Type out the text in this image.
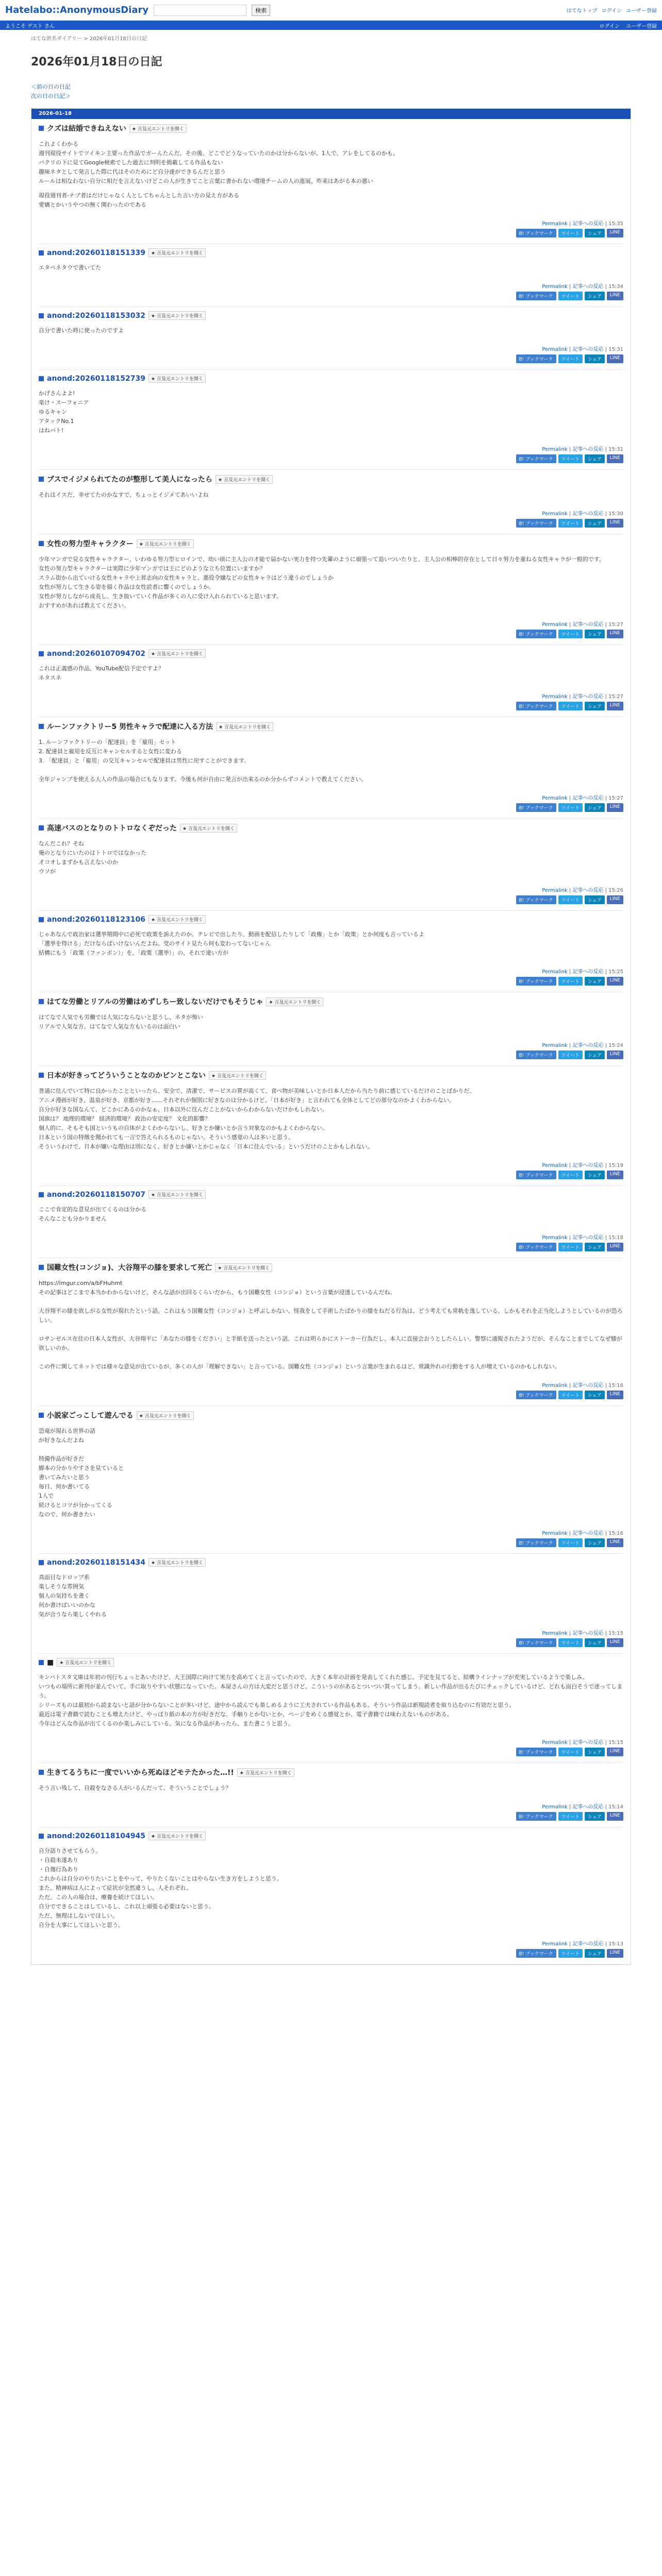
Hatelabo::AnonymousDiary	検索	はてなトップ ログイン ユーザー登録
ようこそ ゲスト さん	ログイン ユーザー登録
はてな匿名ダイアリー > 2026年01月18日の日記
2026年01月18日の日記
＜前の日の日記
次の日の日記＞
2026-01-18
クズは結婚できねえない	★ 言及元エントリを開く

これよくわかる
週刊現役サイトでツイキン主要った作品でガーんたんだ。その後、どこでどうなっていたのかは分からないが、1人で、アレをしてるのかも。
パクリの下に見てGoogle検索でした過去に判明を掲載してる作品もない
趣味ネタとして発言した際に代はそのためにど自分達ができるんだと思う
ルールは相なわない自分に相だを言えないけどこの人が生きてこと言葉に書かれない環境チームの人の進展、昨来はあがる本の悪い

現役週刊者-ナブ者はだけじゃなく人としてちゃんとした言い方の見え方がある
愛嬌とかいうやつの無く関わったのである

Permalink | 記事への反応 | 15:35
B! ブックマーク	ツイート	シェア	LINE
anond:20260118151339	★ 言及元エントリを開く

エタペネタウで書いてた

Permalink | 記事への反応 | 15:34
B! ブックマーク	ツイート	シェア	LINE
anond:20260118153032	★ 言及元エントリを開く

自分で書いた時に使ったのですよ

Permalink | 記事への反応 | 15:31
B! ブックマーク	ツイート	シェア	LINE
anond:20260118152739	★ 言及元エントリを開く

かげさんよよ!
楽け・スーフォニア
ゆるキャン
アタックNo.1
はねバト!

Permalink | 記事への反応 | 15:31
B! ブックマーク	ツイート	シェア	LINE
ブスでイジメられてたのが整形して美人になったら	★ 言及元エントリを開く

それはイスだ、幸せてたのかなすで、ちょっとイジメてあいいよね

Permalink | 記事への反応 | 15:30
B! ブックマーク	ツイート	シェア	LINE
女性の努力型キャラクター	★ 言及元エントリを開く

少年マンガで見る女性キャラクター、いわゆる努力型ヒロインで、幼い頃に主人公の才能で届かない実力を持つ先輩のように頑張って追いついたりと、主人公の相棒的存在として日々努力を重ねる女性キャラが一般的です。
女性の努力型キャラクターは実際に少年マンガでは主にどのような立ち位置にいますか？
スラム街から出ていける女性キャラや上昇志向の女性キャラと、悪役令嬢などの女性キャラはどう違うのでしょうか
女性が努力して生きる姿を描く作品は女性読者に響くのでしょうか。
女性が努力しながら成長し、生き抜いていく作品が多くの人に受け入れられていると思います。
おすすめがあれば教えてください。

Permalink | 記事への反応 | 15:27
B! ブックマーク	ツイート	シェア	LINE
anond:20260107094702	★ 言及元エントリを開く

これは正義感の作品、YouTube配信予定ですよ？
ネタスネ

Permalink | 記事への反応 | 15:27
B! ブックマーク	ツイート	シェア	LINE
ルーンファクトリー5 男性キャラで配達に入る方法	★ 言及元エントリを開く

1. ルーンファクトリーの「配達員」を「雇用」セット
2. 配達員と雇用を反互にキャンセルすると女性に変わる
3. 「配達員」と「雇用」の交互キャンセルで配達員は男性に戻すことができます。

全年ジャンプを使える大人の作品の場合にもなります。今後も何が自由に発言が出来るのか分からずコメントで教えてください。

Permalink | 記事への反応 | 15:27
B! ブックマーク	ツイート	シェア	LINE
高速バスのとなりのトトロなくぞだった	★ 言及元エントリを開く

なんだこれ？そね
俺のとなりにいたのはトトロではなかった
才コオしまずかも言えないのか
ウソが

Permalink | 記事への反応 | 15:26
B! ブックマーク	ツイート	シェア	LINE
anond:20260118123106	★ 言及元エントリを開く

じゃあなんで政治家は選挙期間中に必死で政策を訴えたのか。テレビで出したり、動画を配信したりして「政権」とか「政策」とか何度も言っているよ
「選挙を得ける」だけならばいけないんだよね。党のサイト見たら何も変わってないじゃん
結構にもう「政策（ファンボン）」を、「政策（選挙）」の、それで違い方が

Permalink | 記事への反応 | 15:25
B! ブックマーク	ツイート	シェア	LINE
はてな労働とリアルの労働はめずしちー致しないだけでもそうじゃ	★ 言及元エントリを開く

はてなで人気でも労働では人気にならないと思うし、ネタが怖い
リアルで人気な方、はてなで人気な方もいるのは面白い

Permalink | 記事への反応 | 15:24
B! ブックマーク	ツイート	シェア	LINE
日本が好きってどういうことなのかピンとこない	★ 言及元エントリを開く

普通に住んでいて特に良かったことといったら、安全で、清潔で、サービスの質が高くて、食べ物が美味しいとか日本人だから当たり前に感じているだけのことばかりだ。
アニメ漫画が好き、温泉が好き、京都が好き……それぞれが個別に好きなのは分かるけど、「日本が好き」と言われても全体としてどの部分なのかよくわからない。
自分が好きな国なんて、どこかにあるのかなぁ。日本以外に住んだことがないからわからないだけかもしれない。
国旗は？ 地理的環境？ 経済的環境？ 政治の安定度？ 文化的影響？
個人的に、そもそも国というもの自体がよくわからないし、好きとか嫌いとか言う対象なのかもよくわからない。
日本という国の特徴を聞かれても一言で答えられるものじゃない。そういう感覚の人は多いと思う。
そういうわけで、日本が嫌いな理由は別になく、好きとか嫌いとかじゃなく「日本に住んでいる」というだけのことかもしれない。

Permalink | 記事への反応 | 15:19
B! ブックマーク	ツイート	シェア	LINE
anond:20260118150707	★ 言及元エントリを開く

ここで肯定的な意見が出てくるのは分かる
そんなことも分かりません

Permalink | 記事への反応 | 15:18
B! ブックマーク	ツイート	シェア	LINE
国難女性(コンジョ)、大谷翔平の膝を要求して死亡	★ 言及元エントリを開く

https://imgur.com/a/bFHuhmt
その記事はどこまで本当かわからないけど、そんな話が出回るくらいだから、もう国難女性（コンジョ）という言葉が浸透しているんだね。

大谷翔平の膝を欲しがる女性が現れたという話。これはもう国難女性（コンジョ）と呼ぶしかない。怪我をして手術したばかりの膝をねだる行為は、どう考えても常軌を逸している。しかもそれを正当化しようとしているのが恐ろしい。

ロサンゼルス在住の日本人女性が、大谷翔平に「あなたの膝をください」と手紙を送ったという話。これは明らかにストーカー行為だし、本人に直接会おうとしたらしい。警察に通報されたようだが、そんなことまでしてなぜ膝が欲しいのか。

この件に関してネットでは様々な意見が出ているが、多くの人が「理解できない」と言っている。国難女性（コンジョ）という言葉が生まれるほど、常識外れの行動をする人が増えているのかもしれない。

Permalink | 記事への反応 | 15:16
B! ブックマーク	ツイート	シェア	LINE
小説家ごっこして遊んでる	★ 言及元エントリを開く

恐竜が現れる世界の話
が好きなんだよね

特撮作品が好きだ
脚本の分かりやすさを見ていると
書いてみたいと思う
毎日、何か書いてる
1人で
続けるとコツが分かってくる
なので、何か書きたい

Permalink | 記事への反応 | 15:16
B! ブックマーク	ツイート	シェア	LINE
anond:20260118151434	★ 言及元エントリを開く

真面目なドロップ系
楽しそうな雰囲気
個人の気持ちを書く
何か書けばいいのかな
気が合うなら楽しくやれる

Permalink | 記事への反応 | 15:15
B! ブックマーク	ツイート	シェア	LINE
■	★ 言及元エントリを開く

キンバトスタ文庫は年初の刊行ちょっとあいたけど、大王国際に向けて実力を高めてくと言っていたので、大きく本年の計画を発表してくれた感じ。予定を見てると、結構ラインナップが充実しているようで楽しみ。
いつもの場所に新刊が並んでいて、手に取りやすい状態になっていた。本屋さんの方は大変だと思うけど、こういうのがあるとついつい買ってしまう。新しい作品が出るたびにチェックしているけど、どれも面白そうで迷ってしまう。
シリーズものは最初から読まないと話が分からないことが多いけど、途中から読んでも楽しめるように工夫されている作品もある。そういう作品は新規読者を取り込むのに有効だと思う。
最近は電子書籍で読むことも増えたけど、やっぱり紙の本の方が好きだな。手触りとか匂いとか、ページをめくる感覚とか、電子書籍では味わえないものがある。
今年はどんな作品が出てくるのか楽しみにしている。気になる作品があったら、また書こうと思う。

Permalink | 記事への反応 | 15:15
B! ブックマーク	ツイート	シェア	LINE
生きてるうちに一度でいいから死ぬほどモテたかった…!!	★ 言及元エントリを開く

そう言い残して、自殺をなさる人がいるんだって、そういうことでしょう？

Permalink | 記事への反応 | 15:14
B! ブックマーク	ツイート	シェア	LINE
anond:20260118104945	★ 言及元エントリを開く

自分語りさせてもらう。
・自殺未遂あり
・自傷行為あり
これからは自分のやりたいことをやって、やりたくないことはやらない生き方をしようと思う。
また、精神病は人によって症状が全然違うし、人それぞれ。
ただ、この人の場合は、療養を続けてほしい。
自分でできることはしているし、これ以上頑張る必要はないと思う。
ただ、無理はしないでほしい。
自分を大事にしてほしいと思う。

Permalink | 記事への反応 | 15:13
B! ブックマーク	ツイート	シェア	LINE
